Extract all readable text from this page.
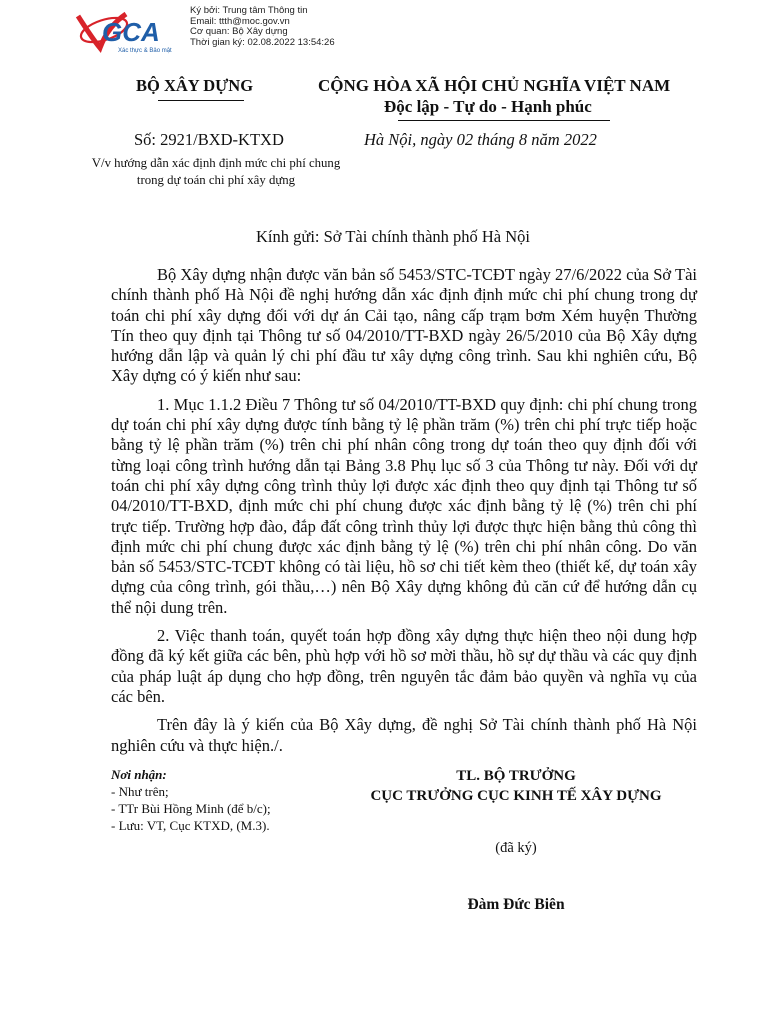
GCA
Xác thực & Bảo mật
Ký bởi: Trung tâm Thông tin
Email: ttth@moc.gov.vn
Cơ quan: Bộ Xây dựng
Thời gian ký: 02.08.2022 13:54:26
BỘ XÂY DỰNG	CỘNG HÒA XÃ HỘI CHỦ NGHĨA VIỆT NAM
Độc lập - Tự do - Hạnh phúc
Số: 2921/BXD-KTXD	Hà Nội, ngày 02 tháng 8 năm 2022
V/v hướng dẫn xác định định mức chi phí chung trong dự toán chi phí xây dựng
Kính gửi: Sở Tài chính thành phố Hà Nội

Bộ Xây dựng nhận được văn bản số 5453/STC-TCĐT ngày 27/6/2022 của Sở Tài chính thành phố Hà Nội đề nghị hướng dẫn xác định định mức chi phí chung trong dự toán chi phí xây dựng đối với dự án Cải tạo, nâng cấp trạm bơm Xém huyện Thường Tín theo quy định tại Thông tư số 04/2010/TT-BXD ngày 26/5/2010 của Bộ Xây dựng hướng dẫn lập và quản lý chi phí đầu tư xây dựng công trình. Sau khi nghiên cứu, Bộ Xây dựng có ý kiến như sau:

1. Mục 1.1.2 Điều 7 Thông tư số 04/2010/TT-BXD quy định: chi phí chung trong dự toán chi phí xây dựng được tính bằng tỷ lệ phần trăm (%) trên chi phí trực tiếp hoặc bằng tỷ lệ phần trăm (%) trên chi phí nhân công trong dự toán theo quy định đối với từng loại công trình hướng dẫn tại Bảng 3.8 Phụ lục số 3 của Thông tư này. Đối với dự toán chi phí xây dựng công trình thủy lợi được xác định theo quy định tại Thông tư số 04/2010/TT-BXD, định mức chi phí chung được xác định bằng tỷ lệ (%) trên chi phí trực tiếp. Trường hợp đào, đắp đất công trình thủy lợi được thực hiện bằng thủ công thì định mức chi phí chung được xác định bằng tỷ lệ (%) trên chi phí nhân công. Do văn bản số 5453/STC-TCĐT không có tài liệu, hồ sơ chi tiết kèm theo (thiết kế, dự toán xây dựng của công trình, gói thầu,…) nên Bộ Xây dựng không đủ căn cứ để hướng dẫn cụ thể nội dung trên.

2. Việc thanh toán, quyết toán hợp đồng xây dựng thực hiện theo nội dung hợp đồng đã ký kết giữa các bên, phù hợp với hồ sơ mời thầu, hồ sự dự thầu và các quy định của pháp luật áp dụng cho hợp đồng, trên nguyên tắc đảm bảo quyền và nghĩa vụ của các bên.

Trên đây là ý kiến của Bộ Xây dựng, đề nghị Sở Tài chính thành phố Hà Nội nghiên cứu và thực hiện./.

Nơi nhận:
- Như trên;
- TTr Bùi Hồng Minh (để b/c);
- Lưu: VT, Cục KTXD, (M.3).
TL. BỘ TRƯỞNG
CỤC TRƯỞNG CỤC KINH TẾ XÂY DỰNG
(đã ký)
Đàm Đức Biên
